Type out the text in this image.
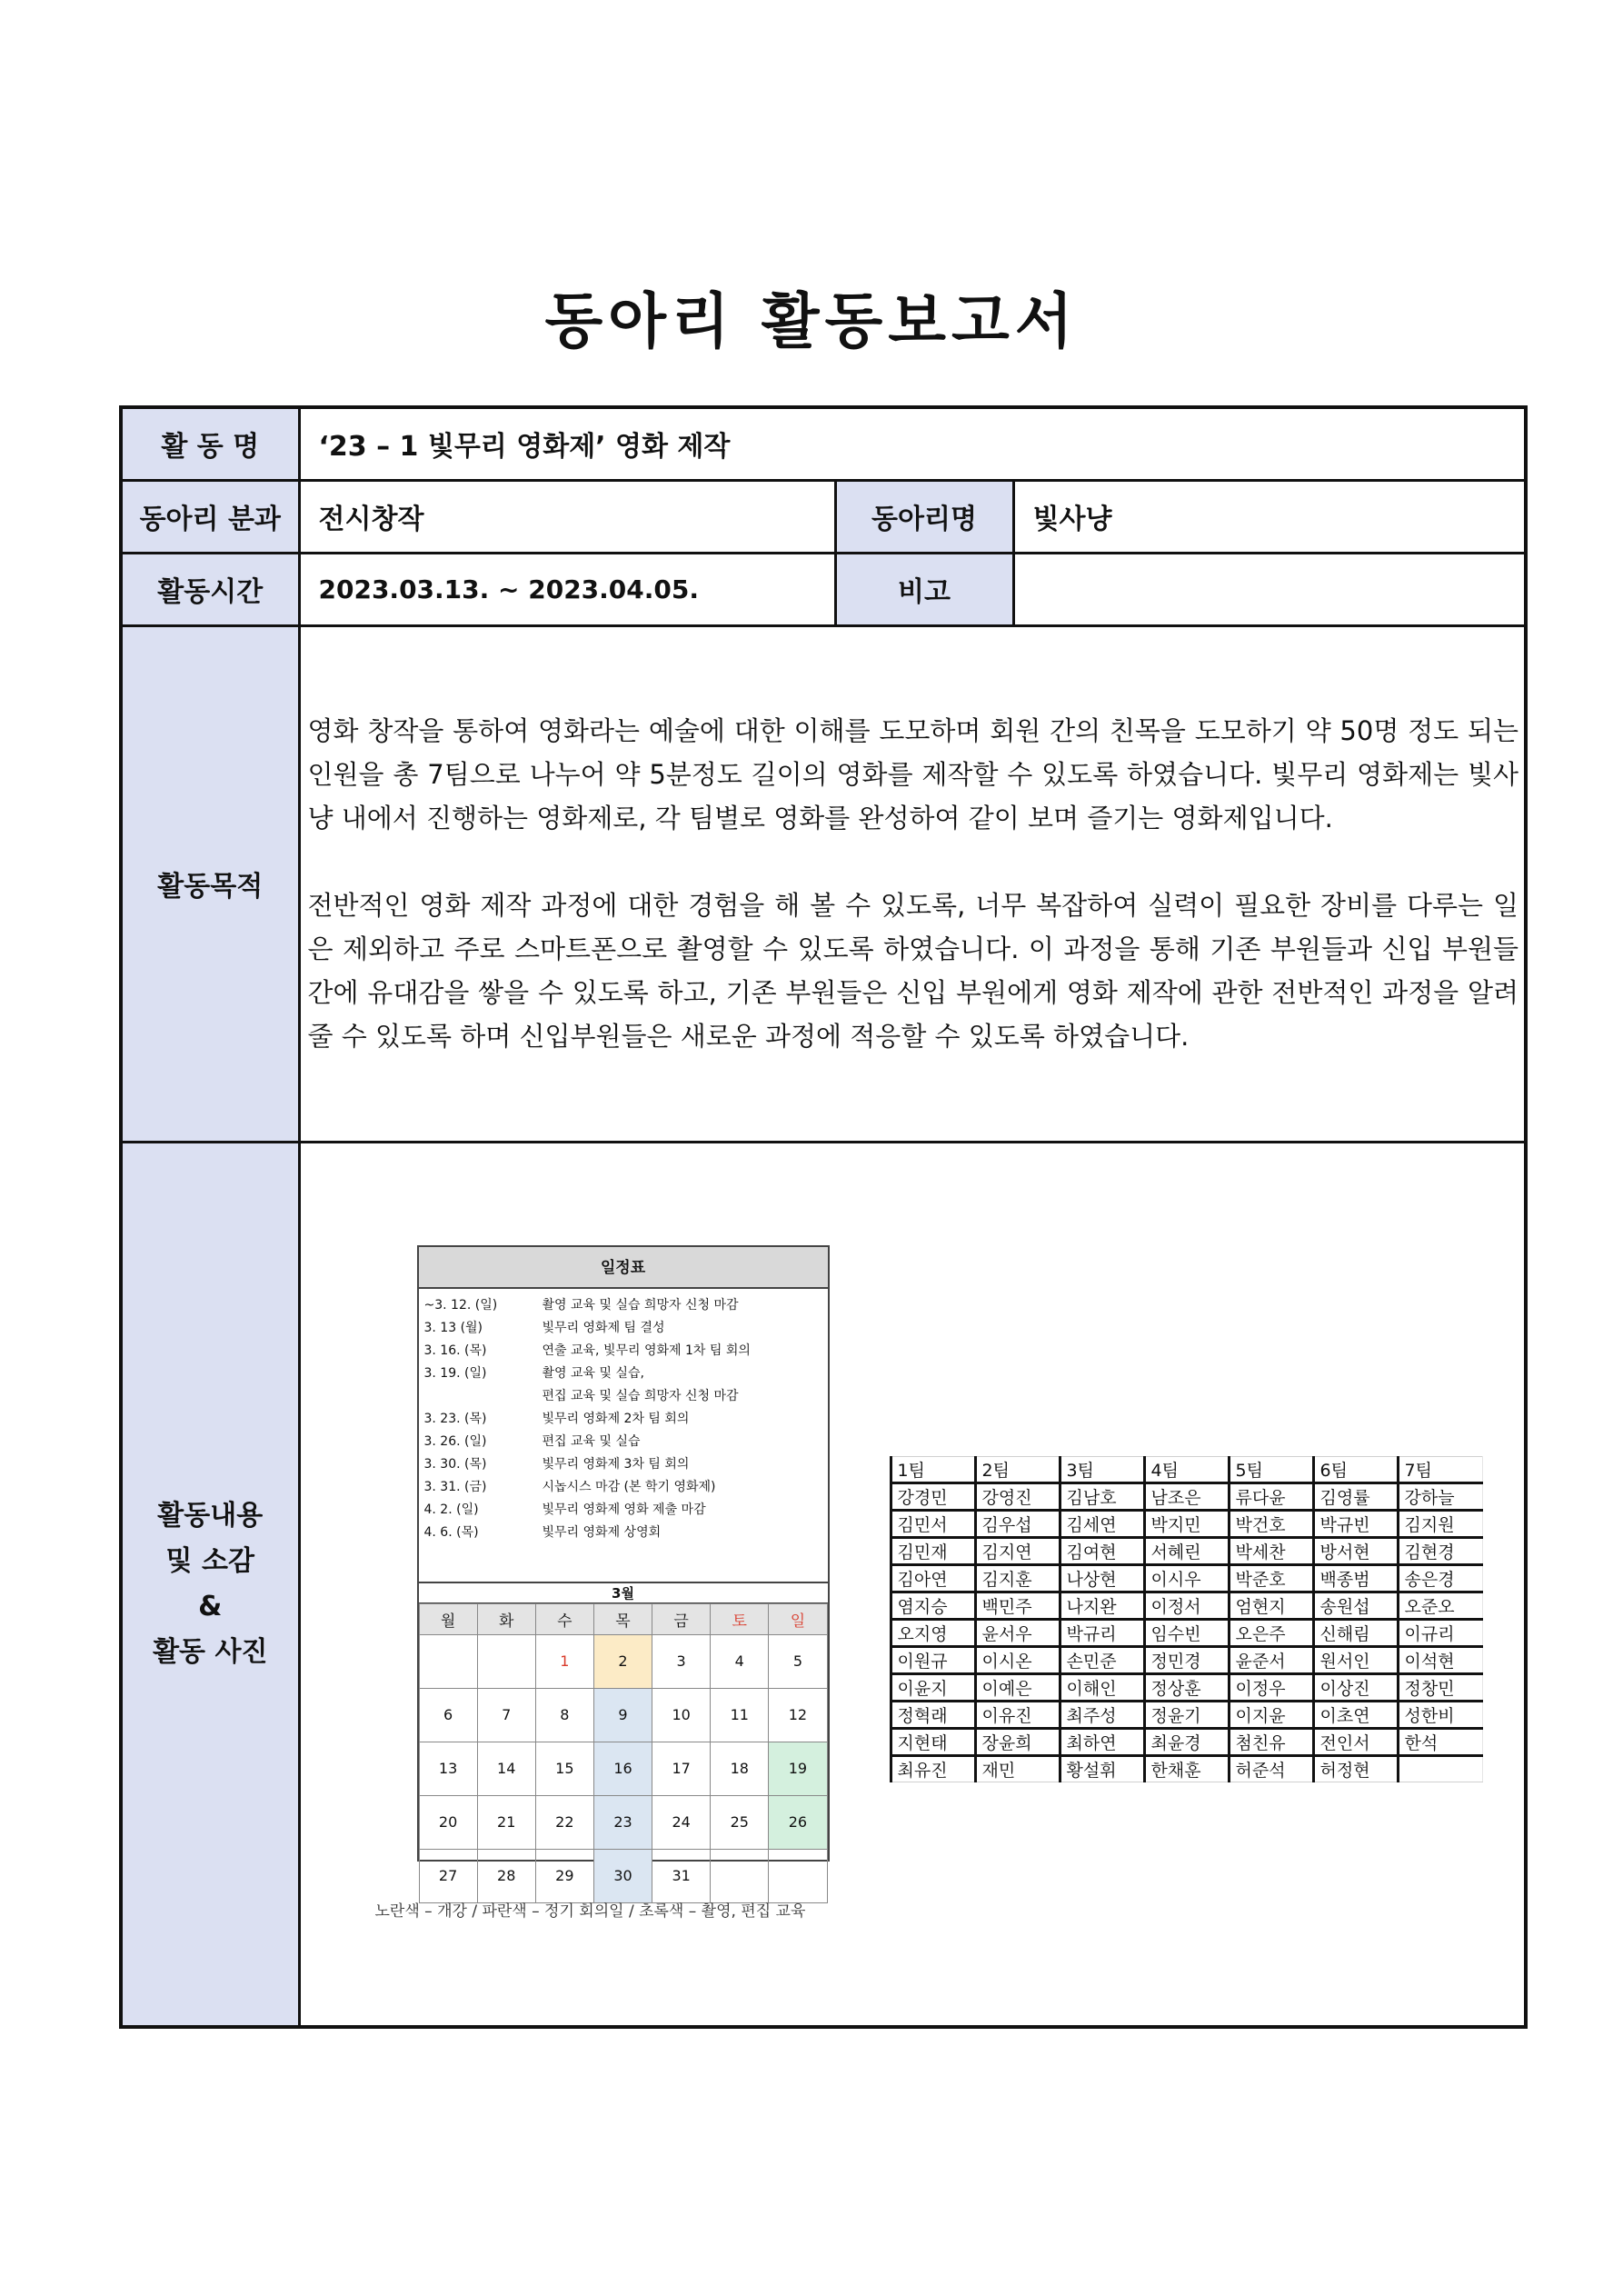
동아리 활동보고서
활 동 명	‘23 – 1 빛무리 영화제’ 영화 제작
동아리 분과	전시창작	동아리명	빛사냥
활동시간	2023.03.13. ~ 2023.04.05.	비고	
활동목적	

영화 창작을 통하여 영화라는 예술에 대한 이해를 도모하며 회원 간의 친목을 도모하기 약 50명 정도 되는 인원을 총 7팀으로 나누어 약 5분정도 길이의 영화를 제작할 수 있도록 하였습니다. 빛무리 영화제는 빛사냥 내에서 진행하는 영화제로, 각 팀별로 영화를 완성하여 같이 보며 즐기는 영화제입니다.

전반적인 영화 제작 과정에 대한 경험을 해 볼 수 있도록, 너무 복잡하여 실력이 필요한 장비를 다루는 일은 제외하고 주로 스마트폰으로 촬영할 수 있도록 하였습니다. 이 과정을 통해 기존 부원들과 신입 부원들 간에 유대감을 쌓을 수 있도록 하고, 기존 부원들은 신입 부원에게 영화 제작에 관한 전반적인 과정을 알려줄 수 있도록 하며 신입부원들은 새로운 과정에 적응할 수 있도록 하였습니다.

활동내용
및 소감
&
활동 사진

일정표
~3. 12. (일)	촬영 교육 및 실습 희망자 신청 마감
3. 13 (월)	빛무리 영화제 팀 결성
3. 16. (목)	연출 교육, 빛무리 영화제 1차 팀 회의
3. 19. (일)	촬영 교육 및 실습,
편집 교육 및 실습 희망자 신청 마감
3. 23. (목)	빛무리 영화제 2차 팀 회의
3. 26. (일)	편집 교육 및 실습
3. 30. (목)	빛무리 영화제 3차 팀 회의
3. 31. (금)	시놉시스 마감 (본 학기 영화제)
4. 2. (일)	빛무리 영화제 영화 제출 마감
4. 6. (목)	빛무리 영화제 상영회
3월
월	화	수	목	금	토	일
		1	2	3	4	5
6	7	8	9	10	11	12
13	14	15	16	17	18	19
20	21	22	23	24	25	26
27	28	29	30	31		
노란색 – 개강 / 파란색 – 정기 회의일 / 초록색 – 촬영, 편집 교육
1팀	2팀	3팀	4팀	5팀	6팀	7팀
강경민	강영진	김남호	남조은	류다윤	김영률	강하늘
김민서	김우섭	김세연	박지민	박건호	박규빈	김지원
김민재	김지연	김여현	서혜린	박세찬	방서현	김현경
김아연	김지훈	나상현	이시우	박준호	백종범	송은경
염지승	백민주	나지완	이정서	엄현지	송원섭	오준오
오지영	윤서우	박규리	임수빈	오은주	신해림	이규리
이원규	이시온	손민준	정민경	윤준서	원서인	이석현
이윤지	이예은	이해인	정상훈	이정우	이상진	정창민
정혁래	이유진	최주성	정윤기	이지윤	이초연	성한비
지현태	장윤희	최하연	최윤경	첨친유	전인서	한석
최유진	재민	황설휘	한채훈	허준석	허정현	
